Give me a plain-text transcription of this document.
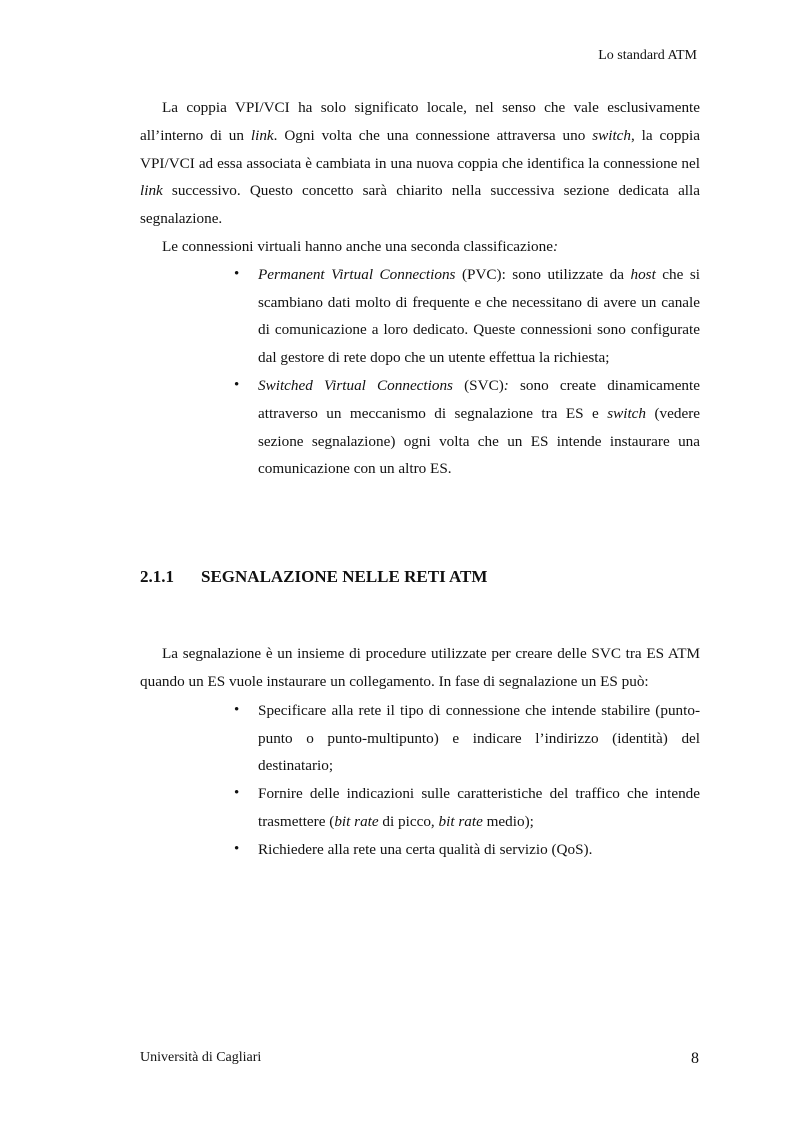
Lo standard ATM

La coppia VPI/VCI ha solo significato locale, nel senso che vale esclusivamente all’interno di un link. Ogni volta che una connessione attraversa uno switch, la coppia VPI/VCI ad essa associata è cambiata in una nuova coppia che identifica la connessione nel link successivo. Questo concetto sarà chiarito nella successiva sezione dedicata alla segnalazione.

Le connessioni virtuali hanno anche una seconda classificazione:

• Permanent Virtual Connections (PVC): sono utilizzate da host che si scambiano dati molto di frequente e che necessitano di avere un canale di comunicazione a loro dedicato. Queste connessioni sono configurate dal gestore di rete dopo che un utente effettua la richiesta;
• Switched Virtual Connections (SVC): sono create dinamicamente attraverso un meccanismo di segnalazione tra ES e switch (vedere sezione segnalazione) ogni volta che un ES intende instaurare una comunicazione con un altro ES.
2.1.1 SEGNALAZIONE NELLE RETI ATM

La segnalazione è un insieme di procedure utilizzate per creare delle SVC tra ES ATM quando un ES vuole instaurare un collegamento. In fase di segnalazione un ES può:

• Specificare alla rete il tipo di connessione che intende stabilire (punto-punto o punto-multipunto) e indicare l’indirizzo (identità) del destinatario;
• Fornire delle indicazioni sulle caratteristiche del traffico che intende trasmettere (bit rate di picco, bit rate medio);
• Richiedere alla rete una certa qualità di servizio (QoS).
Università di Cagliari	8
